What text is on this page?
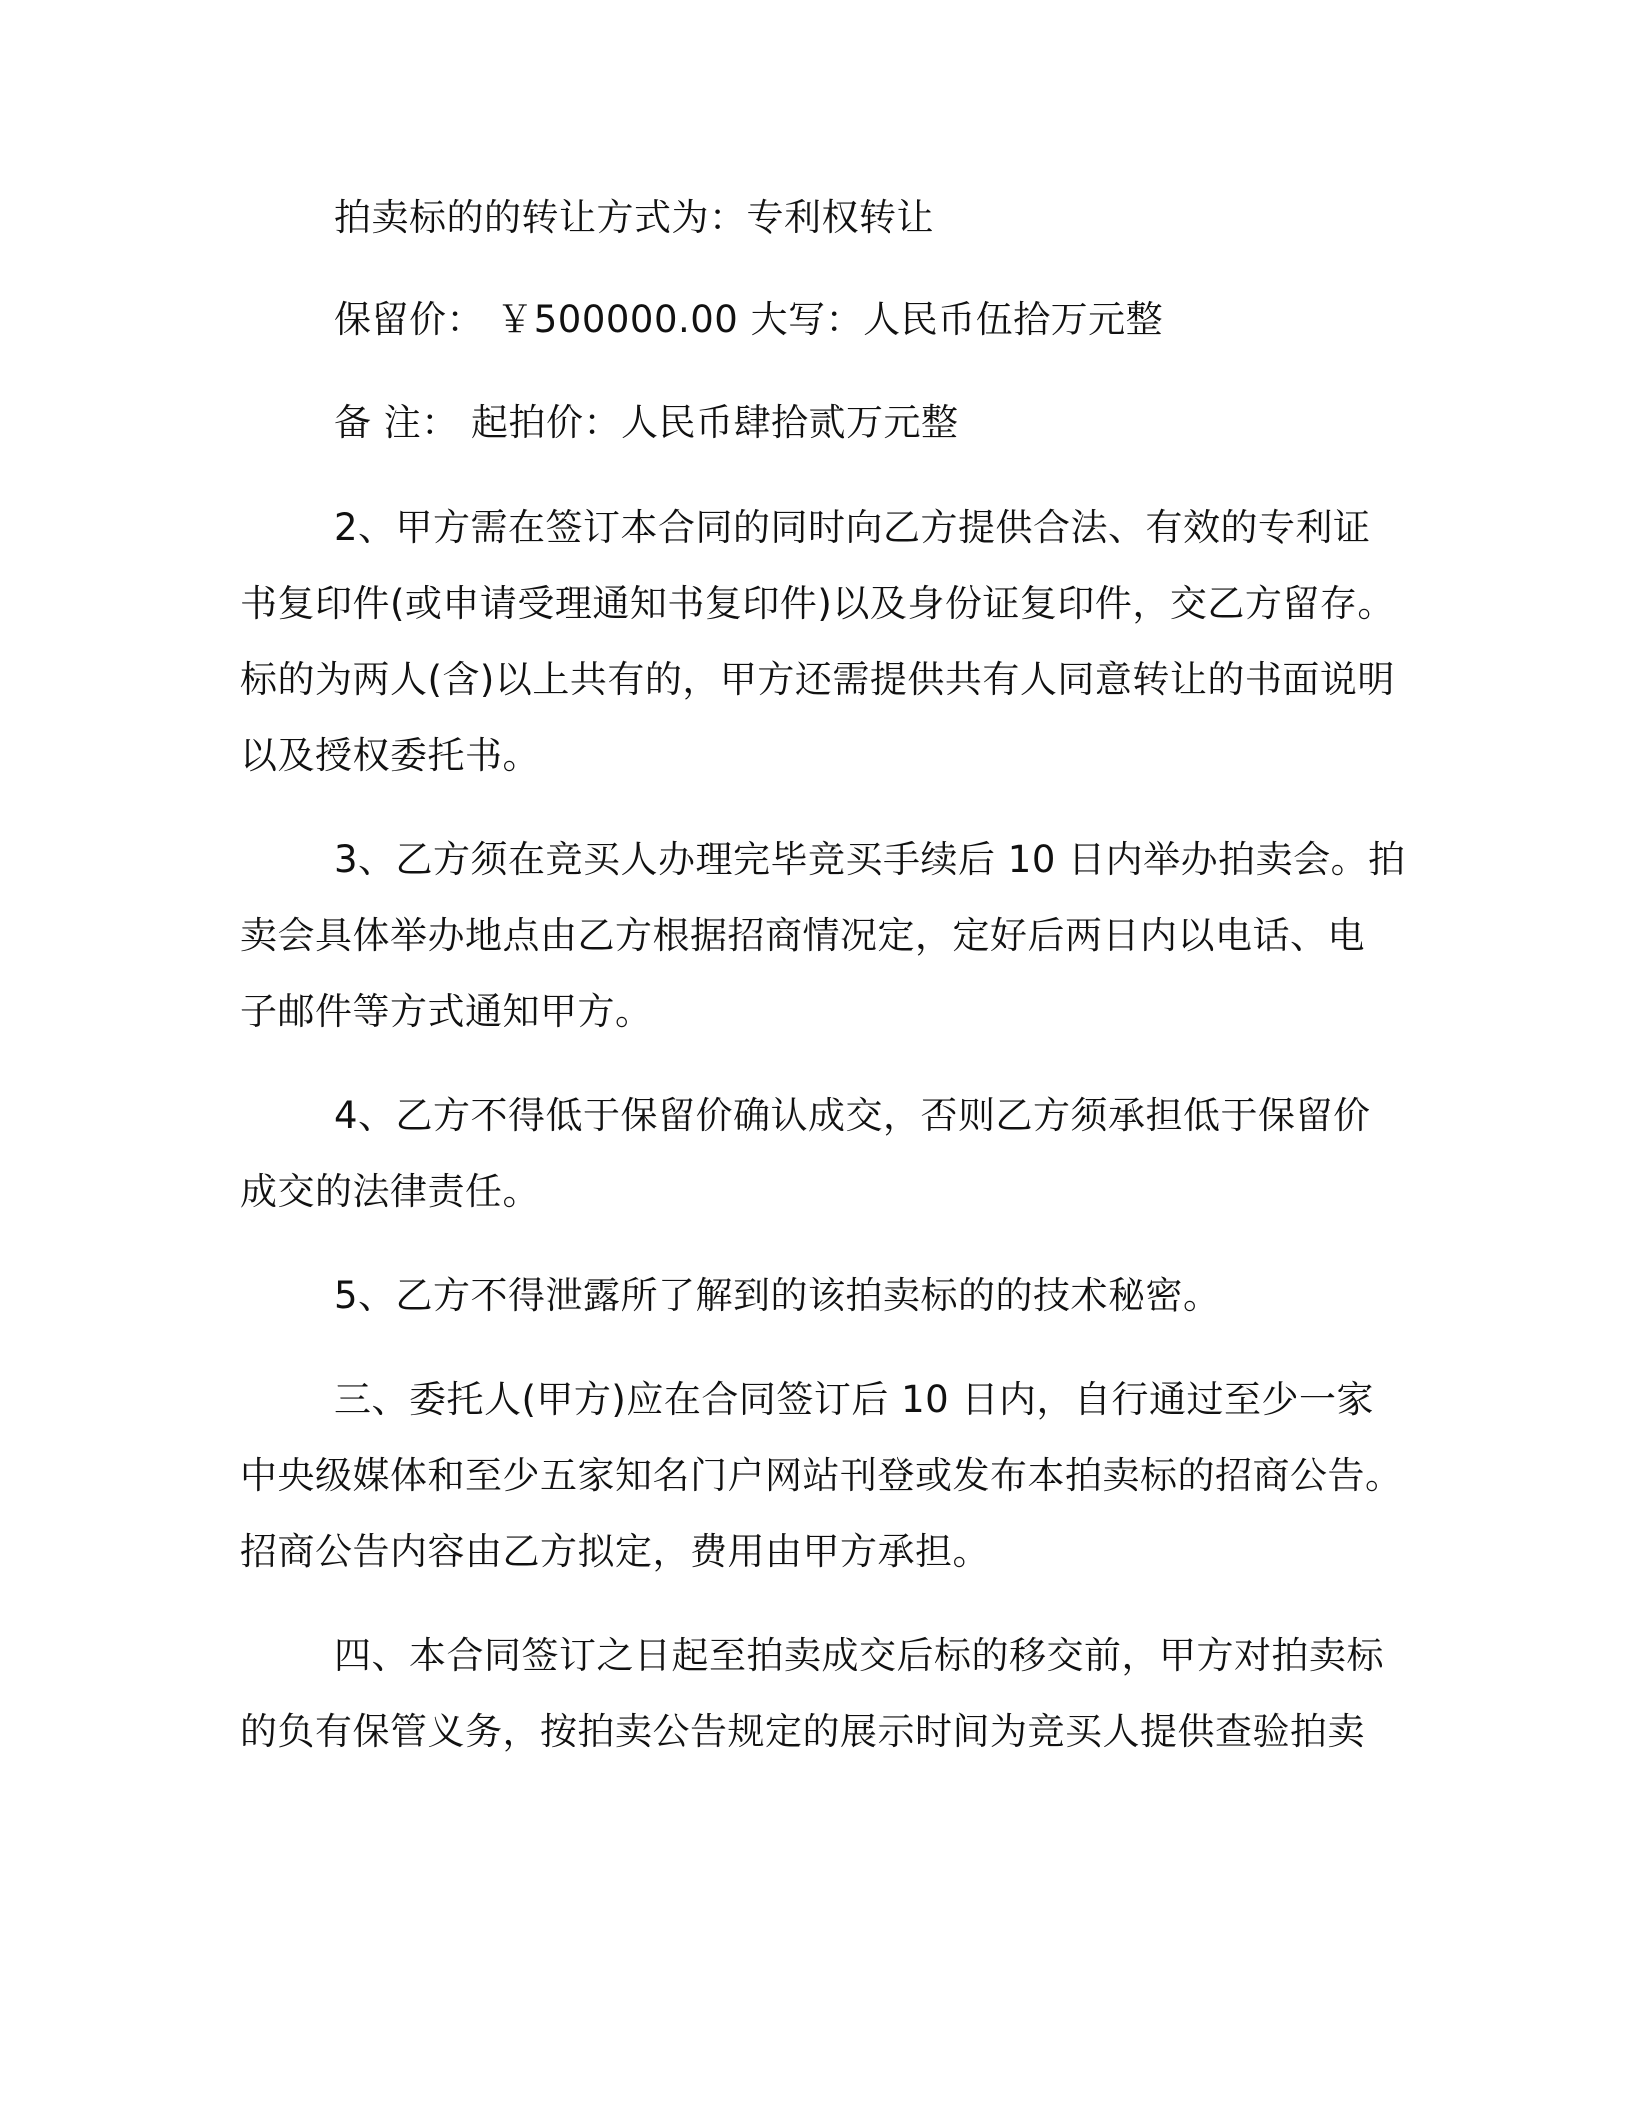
拍卖标的的转让方式为：专利权转让
保留价： ￥500000.00 大写：人民币伍拾万元整
备 注： 起拍价：人民币肆拾贰万元整
2、甲方需在签订本合同的同时向乙方提供合法、有效的专利证
书复印件(或申请受理通知书复印件)以及身份证复印件，交乙方留存。
标的为两人(含)以上共有的，甲方还需提供共有人同意转让的书面说明
以及授权委托书。
3、乙方须在竞买人办理完毕竞买手续后 10 日内举办拍卖会。拍
卖会具体举办地点由乙方根据招商情况定，定好后两日内以电话、电
子邮件等方式通知甲方。
4、乙方不得低于保留价确认成交，否则乙方须承担低于保留价
成交的法律责任。
5、乙方不得泄露所了解到的该拍卖标的的技术秘密。
三、委托人(甲方)应在合同签订后 10 日内，自行通过至少一家
中央级媒体和至少五家知名门户网站刊登或发布本拍卖标的招商公告。
招商公告内容由乙方拟定，费用由甲方承担。
四、本合同签订之日起至拍卖成交后标的移交前，甲方对拍卖标
的负有保管义务，按拍卖公告规定的展示时间为竞买人提供查验拍卖
